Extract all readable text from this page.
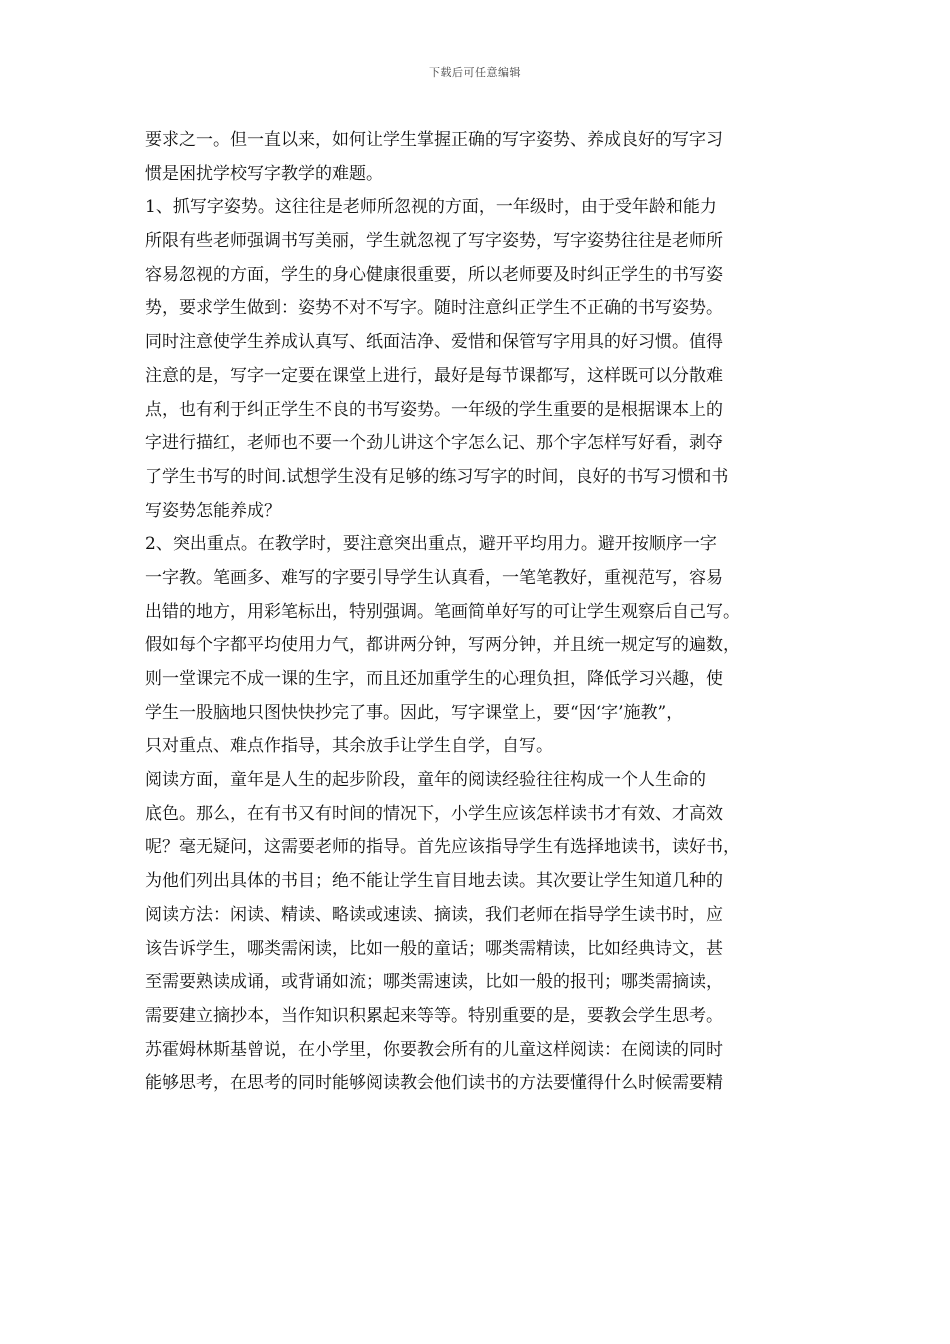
下载后可任意编辑
要求之一。但一直以来，如何让学生掌握正确的写字姿势、养成良好的写字习
惯是困扰学校写字教学的难题。
1、抓写字姿势。这往往是老师所忽视的方面，一年级时，由于受年龄和能力
所限有些老师强调书写美丽，学生就忽视了写字姿势，写字姿势往往是老师所
容易忽视的方面，学生的身心健康很重要，所以老师要及时纠正学生的书写姿
势，要求学生做到：姿势不对不写字。随时注意纠正学生不正确的书写姿势。
同时注意使学生养成认真写、纸面洁净、爱惜和保管写字用具的好习惯。值得
注意的是，写字一定要在课堂上进行，最好是每节课都写，这样既可以分散难
点，也有利于纠正学生不良的书写姿势。一年级的学生重要的是根据课本上的
字进行描红，老师也不要一个劲儿讲这个字怎么记、那个字怎样写好看，剥夺
了学生书写的时间.试想学生没有足够的练习写字的时间，良好的书写习惯和书
写姿势怎能养成？
2、突出重点。在教学时，要注意突出重点，避开平均用力。避开按顺序一字
一字教。笔画多、难写的字要引导学生认真看，一笔笔教好，重视范写，容易
出错的地方，用彩笔标出，特别强调。笔画简单好写的可让学生观察后自己写。
假如每个字都平均使用力气，都讲两分钟，写两分钟，并且统一规定写的遍数，
则一堂课完不成一课的生字，而且还加重学生的心理负担，降低学习兴趣，使
学生一股脑地只图快快抄完了事。因此，写字课堂上，要“因‘字’施教”，
只对重点、难点作指导，其余放手让学生自学，自写。
阅读方面，童年是人生的起步阶段，童年的阅读经验往往构成一个人生命的
底色。那么，在有书又有时间的情况下，小学生应该怎样读书才有效、才高效
呢？毫无疑问，这需要老师的指导。首先应该指导学生有选择地读书，读好书，
为他们列出具体的书目；绝不能让学生盲目地去读。其次要让学生知道几种的
阅读方法：闲读、精读、略读或速读、摘读，我们老师在指导学生读书时，应
该告诉学生，哪类需闲读，比如一般的童话；哪类需精读，比如经典诗文，甚
至需要熟读成诵，或背诵如流；哪类需速读，比如一般的报刊；哪类需摘读，
需要建立摘抄本，当作知识积累起来等等。特别重要的是，要教会学生思考。
苏霍姆林斯基曾说，在小学里，你要教会所有的儿童这样阅读：在阅读的同时
能够思考，在思考的同时能够阅读教会他们读书的方法要懂得什么时候需要精
